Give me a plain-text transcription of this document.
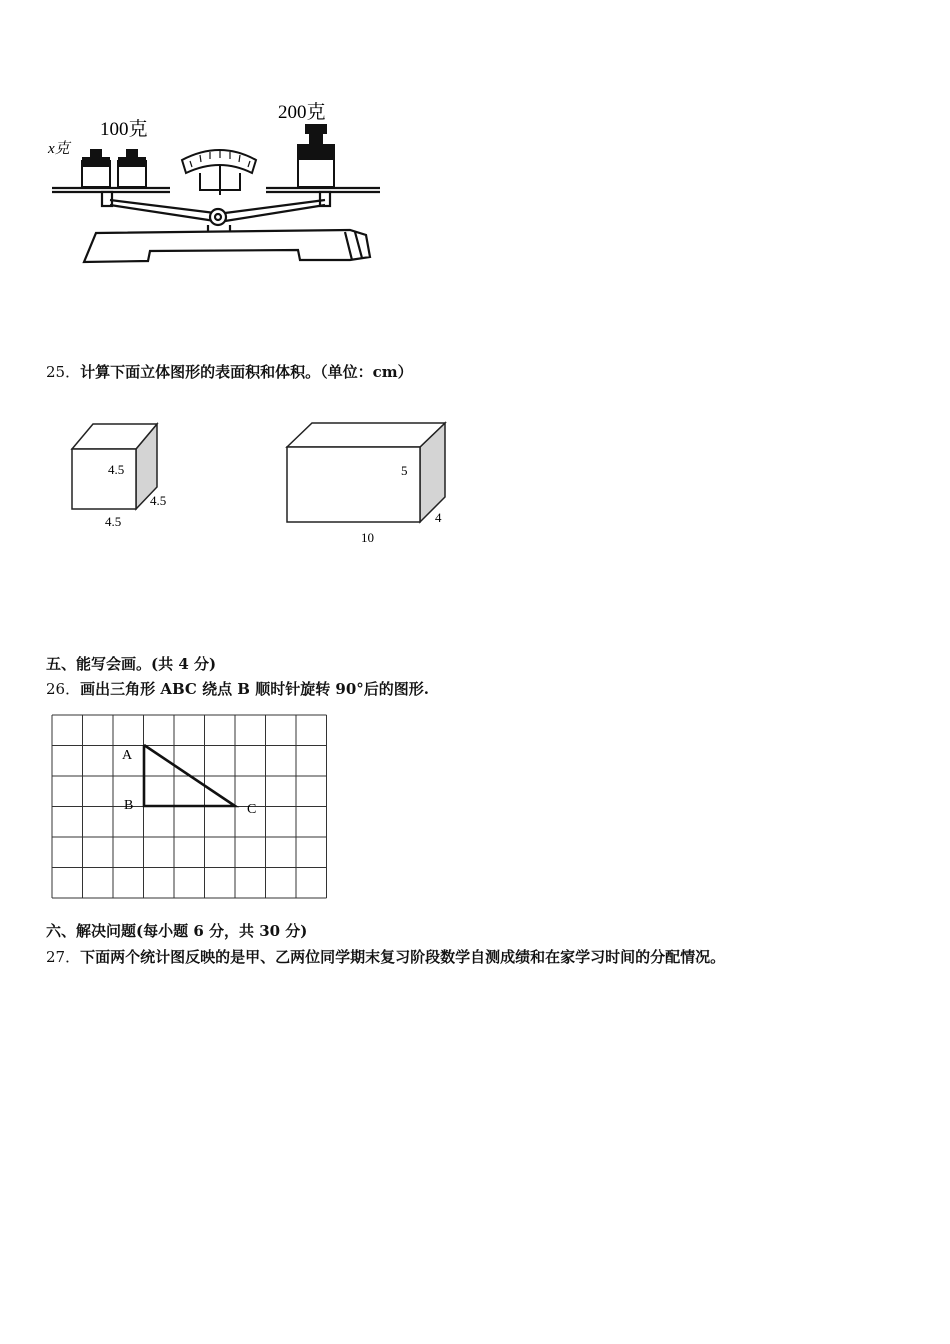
x克
100克
200克
25．计算下面立体图形的表面积和体积。（单位：cm）
4.5
4.5
4.5
5
4
10
五、能写会画。(共 4 分)
26．画出三角形 ABC 绕点 B 顺时针旋转 90°后的图形.
A
B	C
六、解决问题(每小题 6 分，共 30 分)
27．下面两个统计图反映的是甲、乙两位同学期末复习阶段数学自测成绩和在家学习时间的分配情况。
